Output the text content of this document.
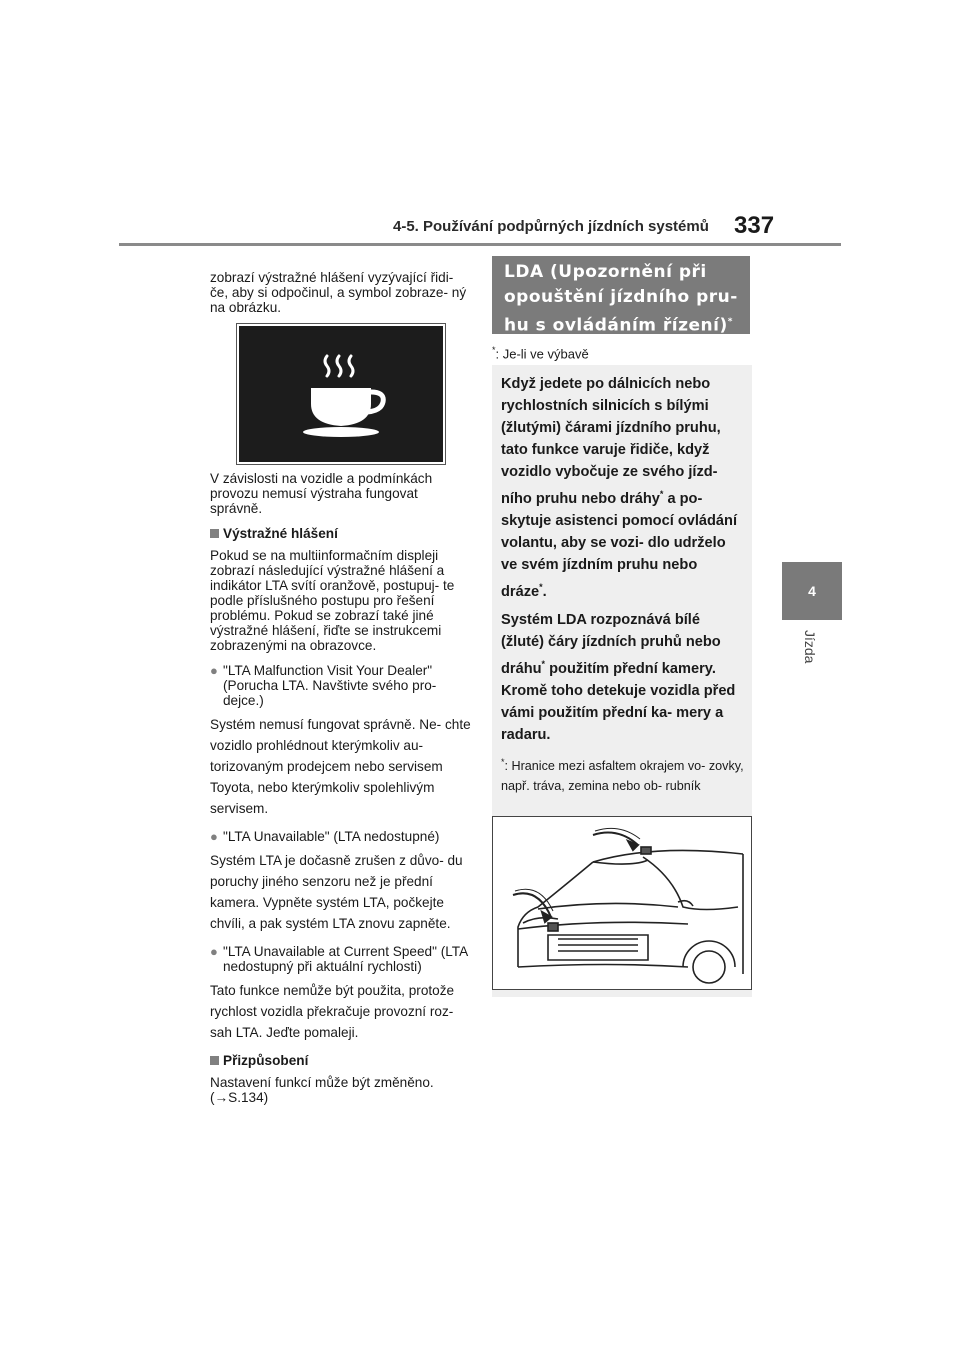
4-5. Používání podpůrných jízdních systémů 337
4
Jízda

zobrazí výstražné hlášení vyzývající řidi- če, aby si odpočinul, a symbol zobraze- ný na obrázku.

V závislosti na vozidle a podmínkách provozu nemusí výstraha fungovat správně.

Výstražné hlášení

Pokud se na multiinformačním displeji zobrazí následující výstražné hlášení a indikátor LTA svítí oranžově, postupuj- te podle příslušného postupu pro řešení problému. Pokud se zobrazí také jiné výstražné hlášení, řiďte se instrukcemi zobrazenými na obrazovce.

● "LTA Malfunction Visit Your Dealer" (Porucha LTA. Navštivte svého pro- dejce.)

Systém nemusí fungovat správně. Ne- chte vozidlo prohlédnout kterýmkoliv au- torizovaným prodejcem nebo servisem Toyota, nebo kterýmkoliv spolehlivým servisem.

● "LTA Unavailable" (LTA nedostupné)

Systém LTA je dočasně zrušen z důvo- du poruchy jiného senzoru než je přední kamera. Vypněte systém LTA, počkejte chvíli, a pak systém LTA znovu zapněte.

● "LTA Unavailable at Current Speed" (LTA nedostupný při aktuální rychlosti)

Tato funkce nemůže být použita, protože rychlost vozidla překračuje provozní roz- sah LTA. Jeďte pomaleji.

Přizpůsobení

Nastavení funkcí může být změněno.
(→S.134)

LDA (Upozornění při
opouštění jízdního pru-
hu s ovládáním řízení)*
*: Je-li ve výbavě

Když jedete po dálnicích nebo rychlostních silnicích s bílými (žlutými) čárami jízdního pruhu, tato funkce varuje řidiče, když vozidlo vybočuje ze svého jízd- ního pruhu nebo dráhy* a po- skytuje asistenci pomocí ovládání volantu, aby se vozi- dlo udrželo ve svém jízdním pruhu nebo dráze*.

Systém LDA rozpoznává bílé (žluté) čáry jízdních pruhů nebo dráhu* použitím přední kamery. Kromě toho detekuje vozidla před vámi použitím přední ka- mery a radaru.

*: Hranice mezi asfaltem okrajem vo- zovky, např. tráva, zemina nebo ob- rubník
